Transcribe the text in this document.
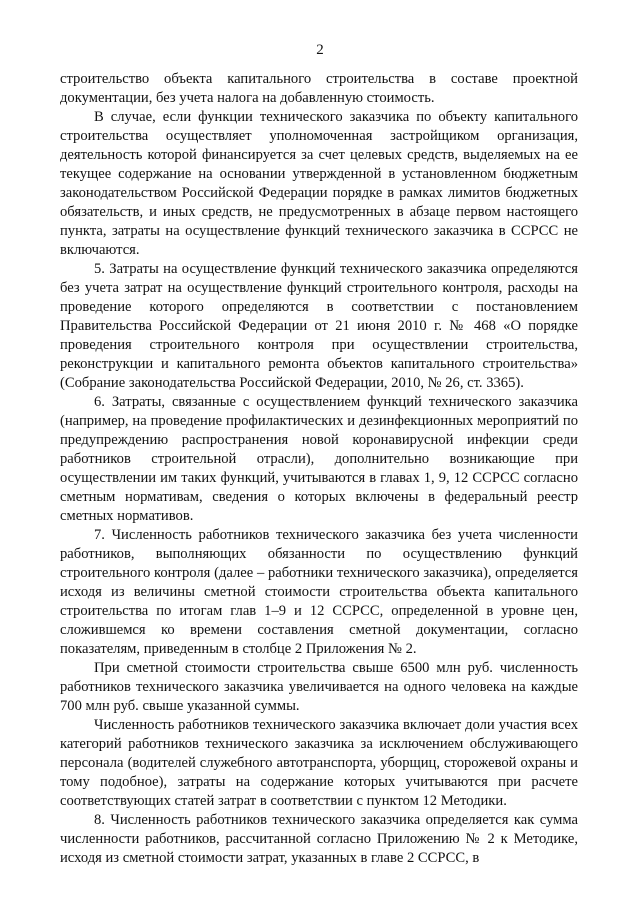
2

строительство объекта капитального строительства в составе проектной документации, без учета налога на добавленную стоимость.

В случае, если функции технического заказчика по объекту капитального строительства осуществляет уполномоченная застройщиком организация, деятельность которой финансируется за счет целевых средств, выделяемых на ее текущее содержание на основании утвержденной в установленном бюджетным законодательством Российской Федерации порядке в рамках лимитов бюджетных обязательств, и иных средств, не предусмотренных в абзаце первом настоящего пункта, затраты на осуществление функций технического заказчика в ССРСС не включаются.

5. Затраты на осуществление функций технического заказчика определяются без учета затрат на осуществление функций строительного контроля, расходы на проведение которого определяются в соответствии с постановлением Правительства Российской Федерации от 21 июня 2010 г. № 468 «О порядке проведения строительного контроля при осуществлении строительства, реконструкции и капитального ремонта объектов капитального строительства» (Собрание законодательства Российской Федерации, 2010, № 26, ст. 3365).

6. Затраты, связанные с осуществлением функций технического заказчика (например, на проведение профилактических и дезинфекционных мероприятий по предупреждению распространения новой коронавирусной инфекции среди работников строительной отрасли), дополнительно возникающие при осуществлении им таких функций, учитываются в главах 1, 9, 12 ССРСС согласно сметным нормативам, сведения о которых включены в федеральный реестр сметных нормативов.

7. Численность работников технического заказчика без учета численности работников, выполняющих обязанности по осуществлению функций строительного контроля (далее – работники технического заказчика), определяется исходя из величины сметной стоимости строительства объекта капитального строительства по итогам глав 1–9 и 12 ССРСС, определенной в уровне цен, сложившемся ко времени составления сметной документации, согласно показателям, приведенным в столбце 2 Приложения № 2.

При сметной стоимости строительства свыше 6500 млн руб. численность работников технического заказчика увеличивается на одного человека на каждые 700 млн руб. свыше указанной суммы.

Численность работников технического заказчика включает доли участия всех категорий работников технического заказчика за исключением обслуживающего персонала (водителей служебного автотранспорта, уборщиц, сторожевой охраны и тому подобное), затраты на содержание которых учитываются при расчете соответствующих статей затрат в соответствии с пунктом 12 Методики.

8. Численность работников технического заказчика определяется как сумма численности работников, рассчитанной согласно Приложению № 2 к Методике, исходя из сметной стоимости затрат, указанных в главе 2 ССРСС, в
